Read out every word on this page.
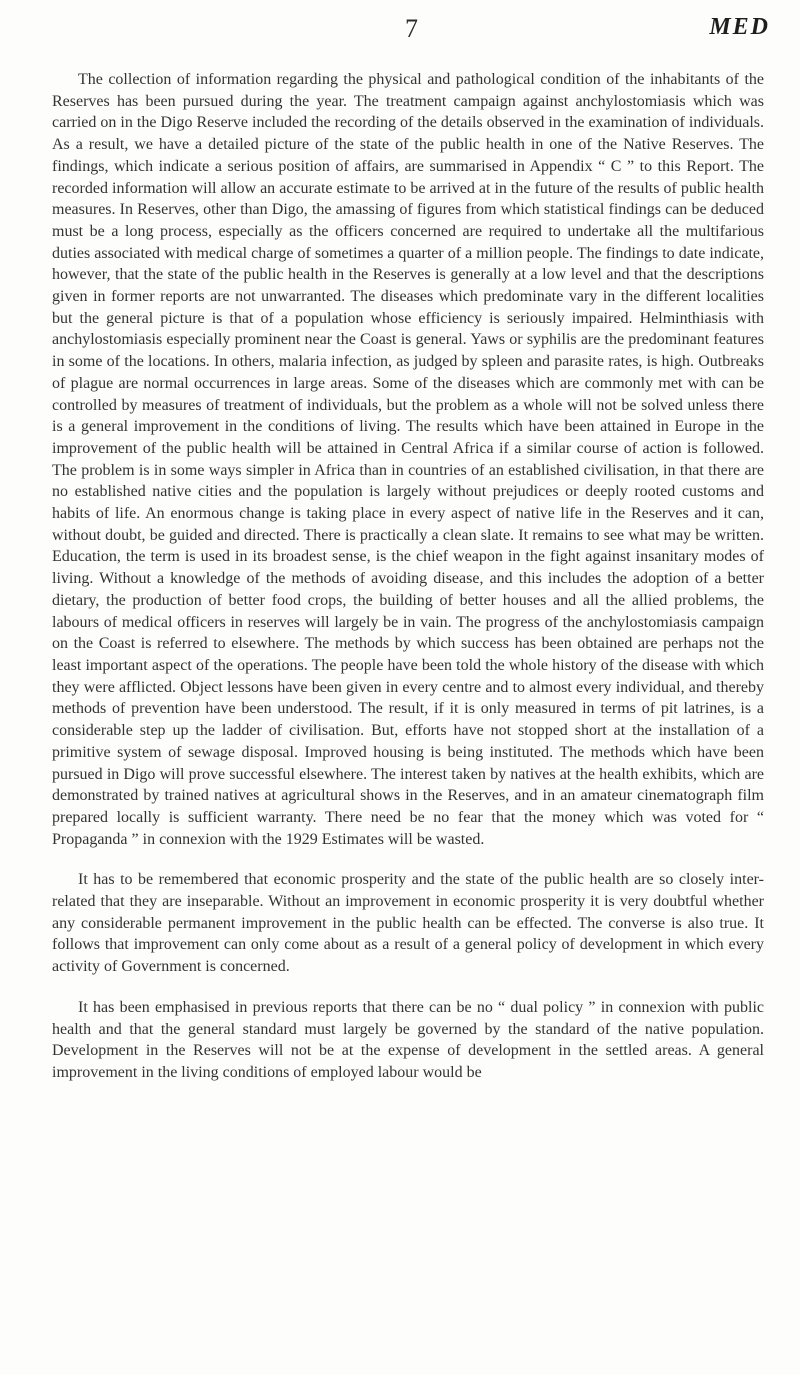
7	MED

The collection of information regarding the physical and pathological condition of the inhabitants of the Reserves has been pursued during the year. The treatment campaign against anchylostomiasis which was carried on in the Digo Reserve included the recording of the details observed in the examination of individuals. As a result, we have a detailed picture of the state of the public health in one of the Native Reserves. The findings, which indicate a serious position of affairs, are summarised in Appendix “ C ” to this Report. The recorded information will allow an accurate estimate to be arrived at in the future of the results of public health measures. In Reserves, other than Digo, the amassing of figures from which statistical findings can be deduced must be a long process, especially as the officers concerned are required to undertake all the multifarious duties associated with medical charge of sometimes a quarter of a million people. The findings to date indicate, however, that the state of the public health in the Reserves is generally at a low level and that the descriptions given in former reports are not unwarranted. The diseases which predominate vary in the different localities but the general picture is that of a population whose efficiency is seriously impaired. Helminthiasis with anchylostomiasis especially prominent near the Coast is general. Yaws or syphilis are the predominant features in some of the locations. In others, malaria infection, as judged by spleen and parasite rates, is high. Outbreaks of plague are normal occurrences in large areas. Some of the diseases which are commonly met with can be controlled by measures of treatment of individuals, but the problem as a whole will not be solved unless there is a general improvement in the conditions of living. The results which have been attained in Europe in the improvement of the public health will be attained in Central Africa if a similar course of action is followed. The problem is in some ways simpler in Africa than in countries of an established civilisation, in that there are no established native cities and the population is largely without prejudices or deeply rooted customs and habits of life. An enormous change is taking place in every aspect of native life in the Reserves and it can, without doubt, be guided and directed. There is practically a clean slate. It remains to see what may be written. Education, the term is used in its broadest sense, is the chief weapon in the fight against insanitary modes of living. Without a knowledge of the methods of avoiding disease, and this includes the adoption of a better dietary, the production of better food crops, the building of better houses and all the allied problems, the labours of medical officers in reserves will largely be in vain. The progress of the anchylostomiasis campaign on the Coast is referred to elsewhere. The methods by which success has been obtained are perhaps not the least important aspect of the operations. The people have been told the whole history of the disease with which they were afflicted. Object lessons have been given in every centre and to almost every individual, and thereby methods of prevention have been understood. The result, if it is only measured in terms of pit latrines, is a considerable step up the ladder of civilisation. But, efforts have not stopped short at the installation of a primitive system of sewage disposal. Improved housing is being instituted. The methods which have been pursued in Digo will prove successful elsewhere. The interest taken by natives at the health exhibits, which are demonstrated by trained natives at agricultural shows in the Reserves, and in an amateur cinematograph film prepared locally is sufficient warranty. There need be no fear that the money which was voted for “ Propaganda ” in connexion with the 1929 Estimates will be wasted.

It has to be remembered that economic prosperity and the state of the public health are so closely inter-related that they are inseparable. Without an improvement in economic prosperity it is very doubtful whether any considerable permanent improvement in the public health can be effected. The converse is also true. It follows that improvement can only come about as a result of a general policy of development in which every activity of Government is concerned.

It has been emphasised in previous reports that there can be no “ dual policy ” in connexion with public health and that the general standard must largely be governed by the standard of the native population. Development in the Reserves will not be at the expense of development in the settled areas. A general improvement in the living conditions of employed labour would be
